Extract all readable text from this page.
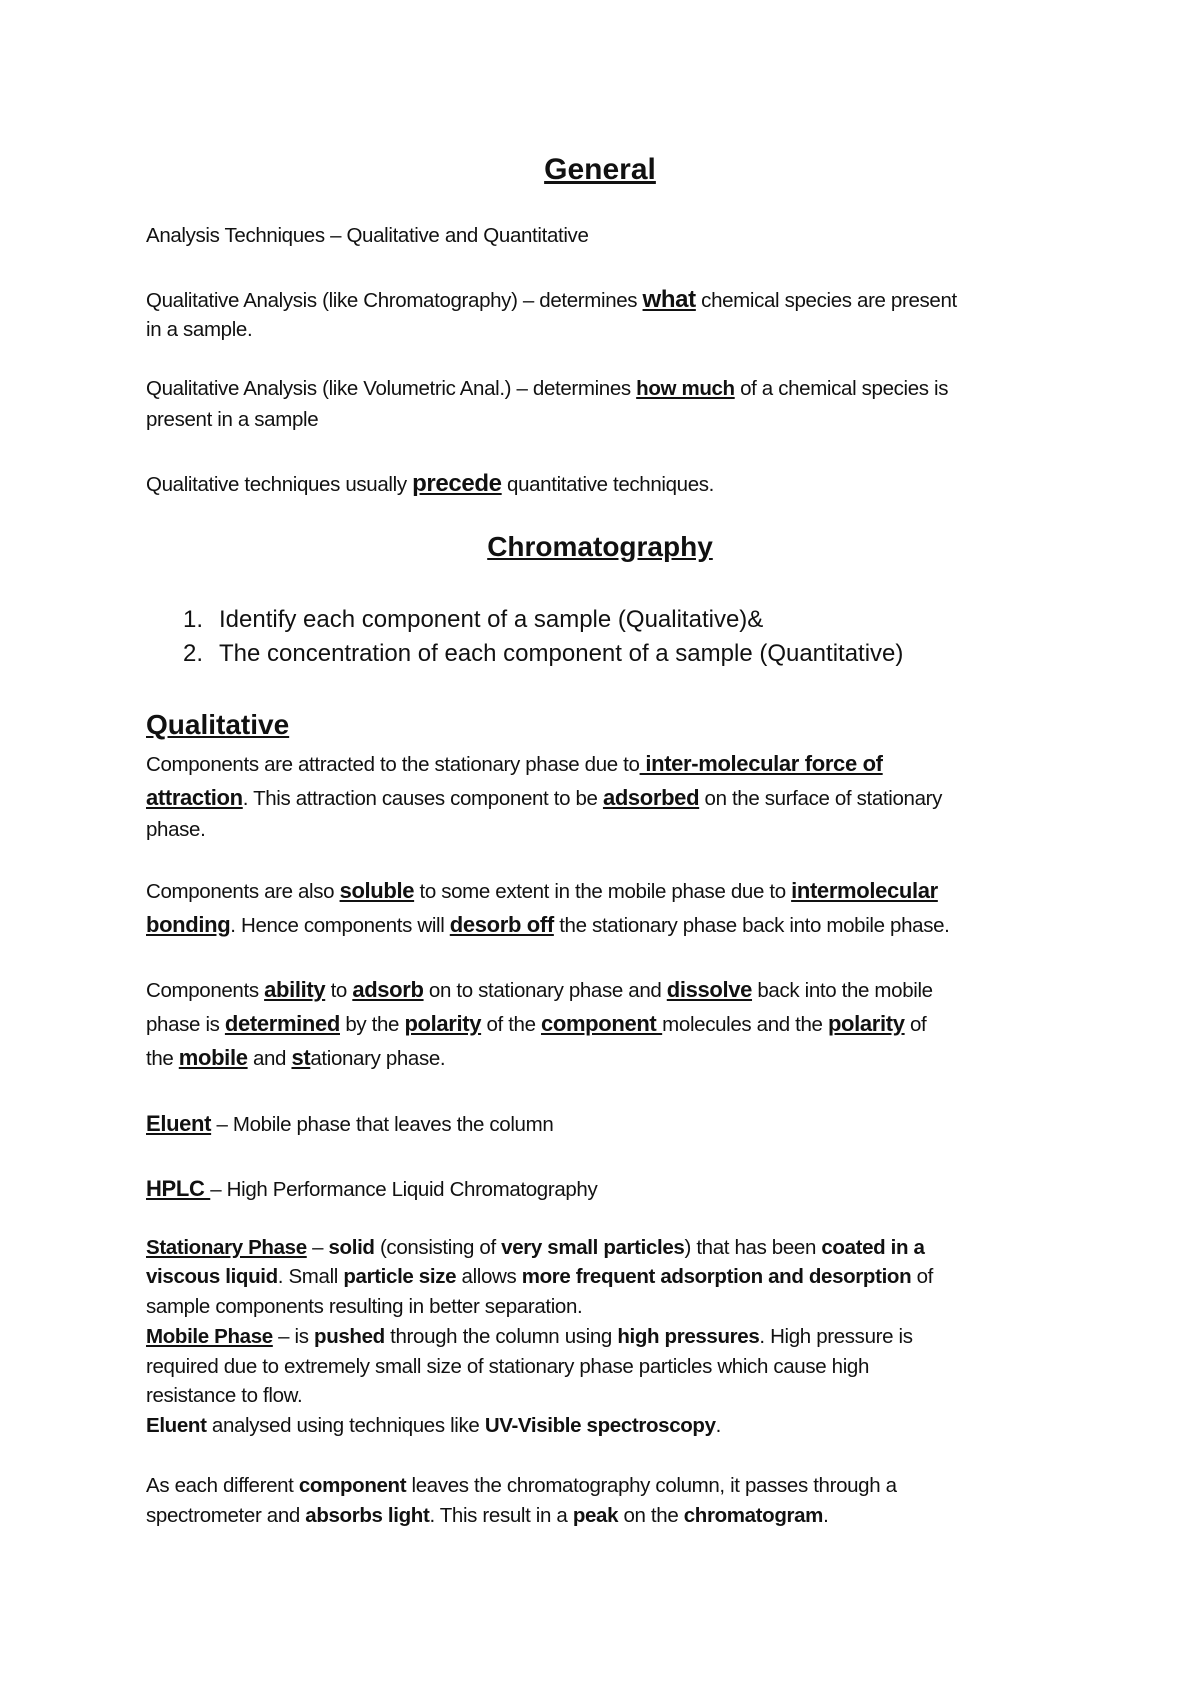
General
Analysis Techniques – Qualitative and Quantitative
Qualitative Analysis (like Chromatography) – determines what chemical species are present
in a sample.
Qualitative Analysis (like Volumetric Anal.) – determines how much of a chemical species is
present in a sample
Qualitative techniques usually precede quantitative techniques.
Chromatography
1. Identify each component of a sample (Qualitative)&
2. The concentration of each component of a sample (Quantitative)
Qualitative
Components are attracted to the stationary phase due to inter-molecular force of
attraction. This attraction causes component to be adsorbed on the surface of stationary
phase.
Components are also soluble to some extent in the mobile phase due to intermolecular
bonding. Hence components will desorb off the stationary phase back into mobile phase.
Components ability to adsorb on to stationary phase and dissolve back into the mobile
phase is determined by the polarity of the component molecules and the polarity of
the mobile and stationary phase.
Eluent – Mobile phase that leaves the column
HPLC – High Performance Liquid Chromatography
Stationary Phase – solid (consisting of very small particles) that has been coated in a
viscous liquid. Small particle size allows more frequent adsorption and desorption of
sample components resulting in better separation.
Mobile Phase – is pushed through the column using high pressures. High pressure is
required due to extremely small size of stationary phase particles which cause high
resistance to flow.
Eluent analysed using techniques like UV-Visible spectroscopy.
As each different component leaves the chromatography column, it passes through a
spectrometer and absorbs light. This result in a peak on the chromatogram.
